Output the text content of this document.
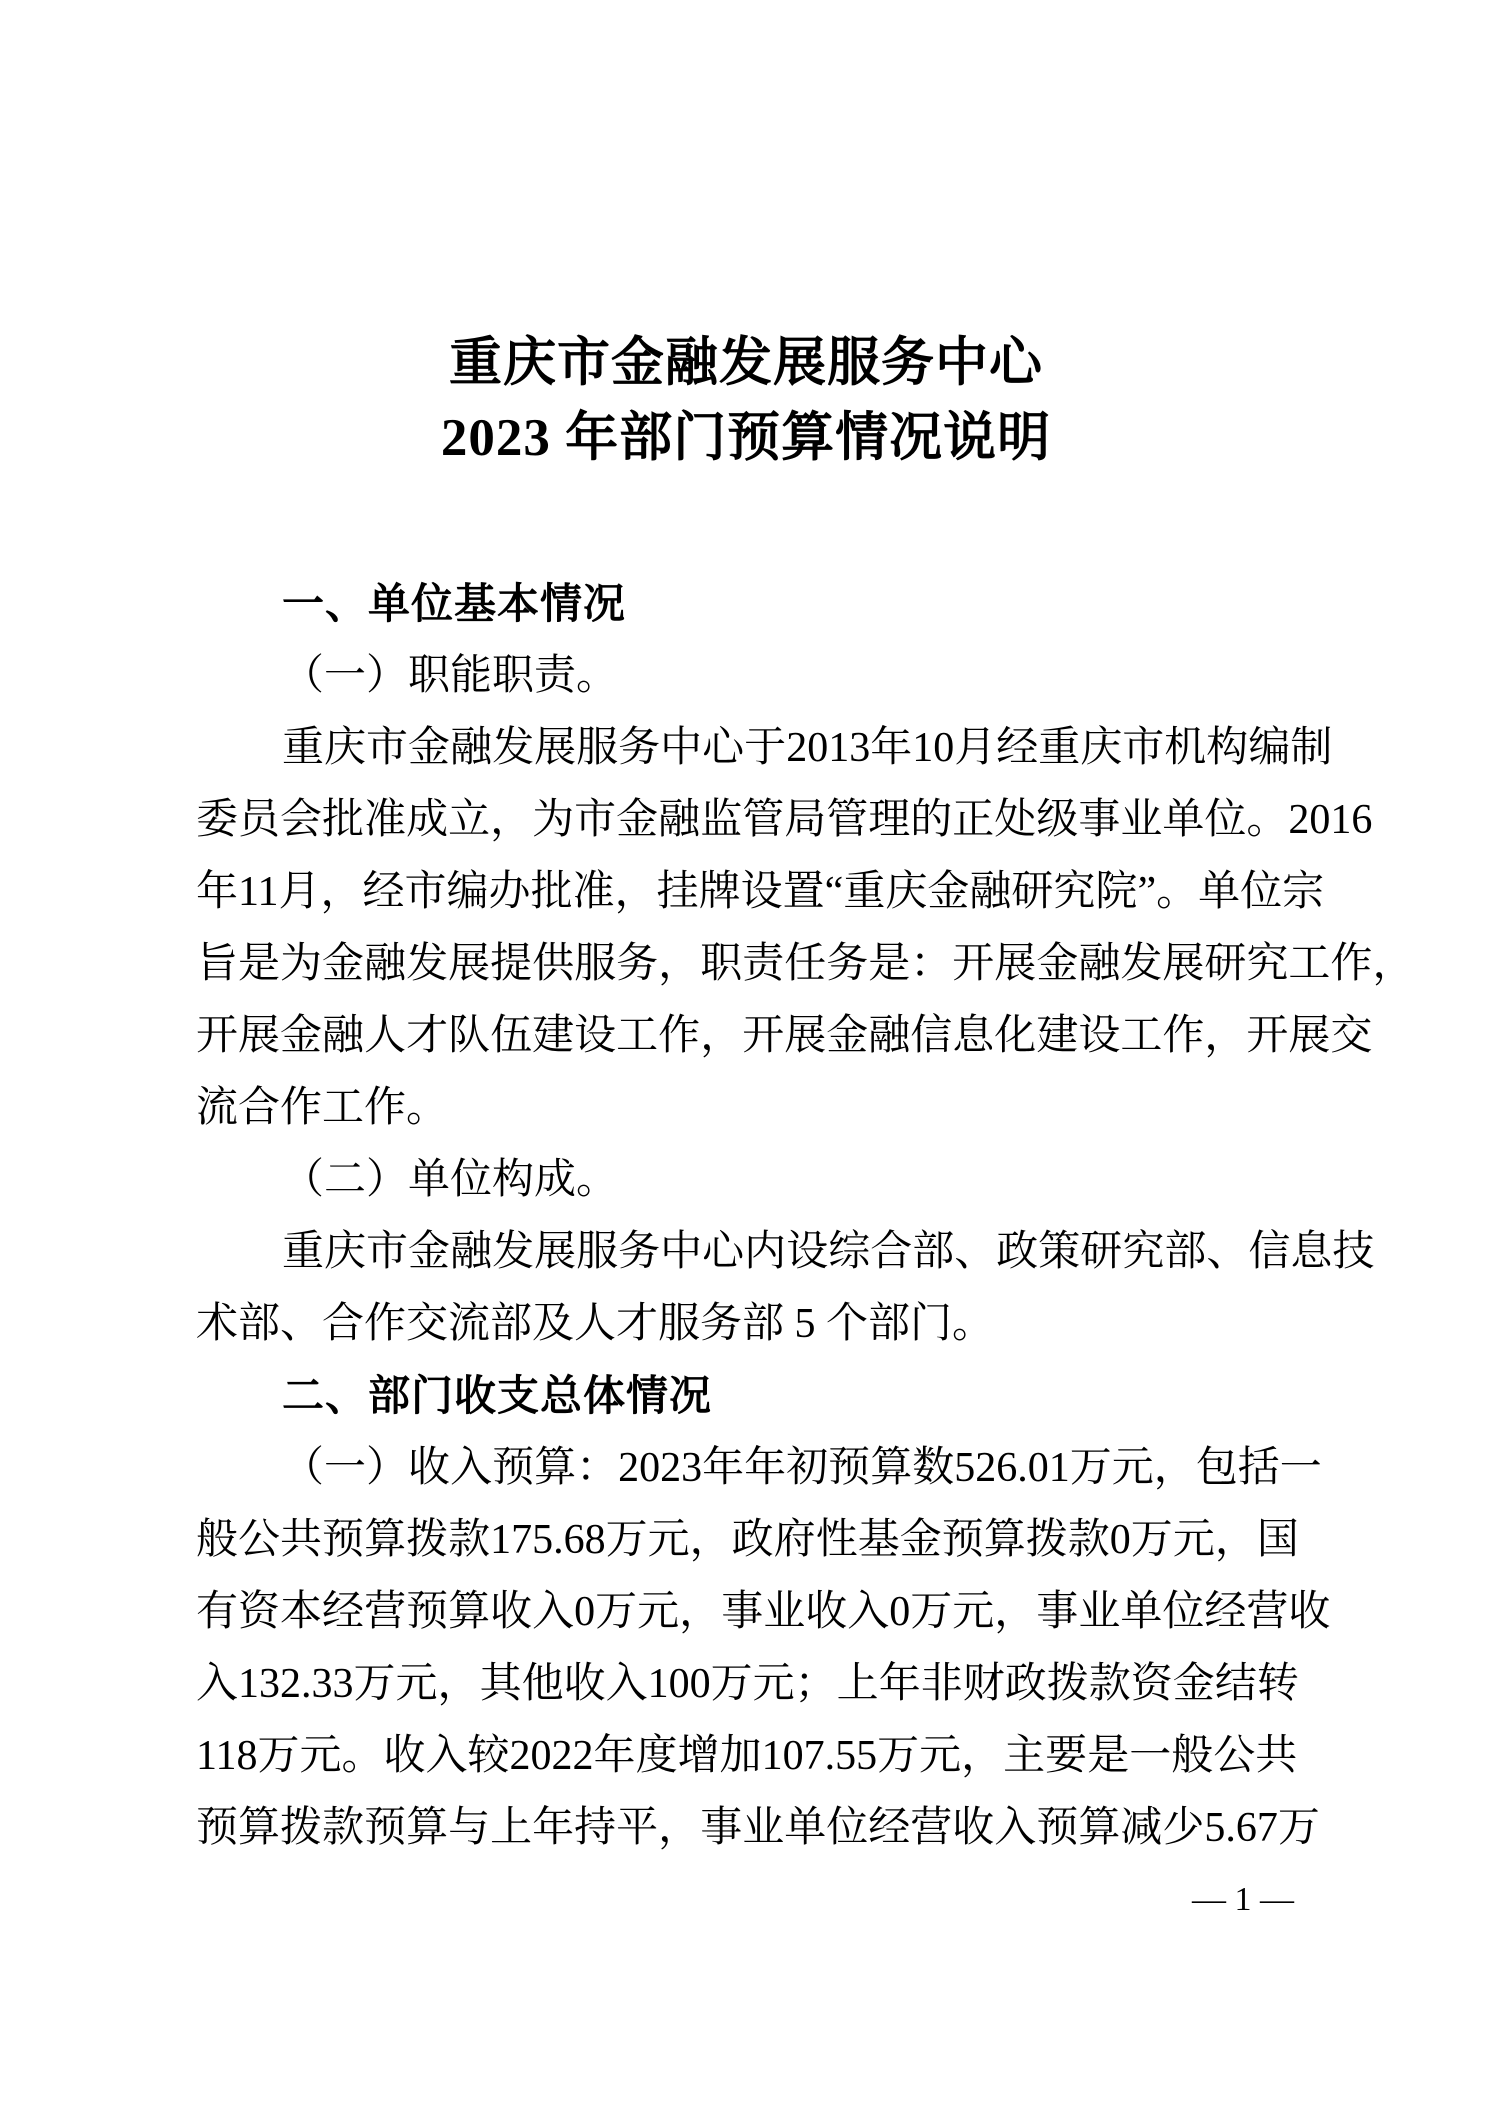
重庆市金融发展服务中心
2023 年部门预算情况说明
一、单位基本情况
（一）职能职责。
重 庆 市 金 融 发 展 服 务 中 心 于 2013 年 10 月 经 重 庆 市 机 构 编 制
委 员 会 批 准 成 立 ， 为 市 金 融 监 管 局 管 理 的 正 处 级 事 业 单 位 。 2016
年 11 月 ， 经 市 编 办 批 准 ， 挂 牌 设 置 “ 重 庆 金 融 研 究 院 ” 。 单 位 宗
旨 是 为 金 融 发 展 提 供 服 务 ， 职 责 任 务 是 ： 开 展 金 融 发 展 研 究 工 作 ，
开 展 金 融 人 才 队 伍 建 设 工 作 ， 开 展 金 融 信 息 化 建 设 工 作 ， 开 展 交
流合作工作。
（二）单位构成。
重 庆 市 金 融 发 展 服 务 中 心 内 设 综 合 部 、 政 策 研 究 部 、 信 息 技
术部、合作交流部及人才服务部 5 个部门。
二、部门收支总体情况
（ 一 ） 收 入 预 算 ： 2023 年 年 初 预 算 数 526.01 万 元 ， 包 括 一
般 公 共 预 算 拨 款 175.68 万 元 ， 政 府 性 基 金 预 算 拨 款 0 万 元 ， 国
有 资 本 经 营 预 算 收 入 0 万 元 ， 事 业 收 入 0 万 元 ， 事 业 单 位 经 营 收
入 132.33 万 元 ， 其 他 收 入 100 万 元 ； 上 年 非 财 政 拨 款 资 金 结 转
118 万 元 。 收 入 较 2022 年 度 增 加 107.55 万 元 ， 主 要 是 一 般 公 共
预 算 拨 款 预 算 与 上 年 持 平 ， 事 业 单 位 经 营 收 入 预 算 减 少 5.67 万
— 1 —
